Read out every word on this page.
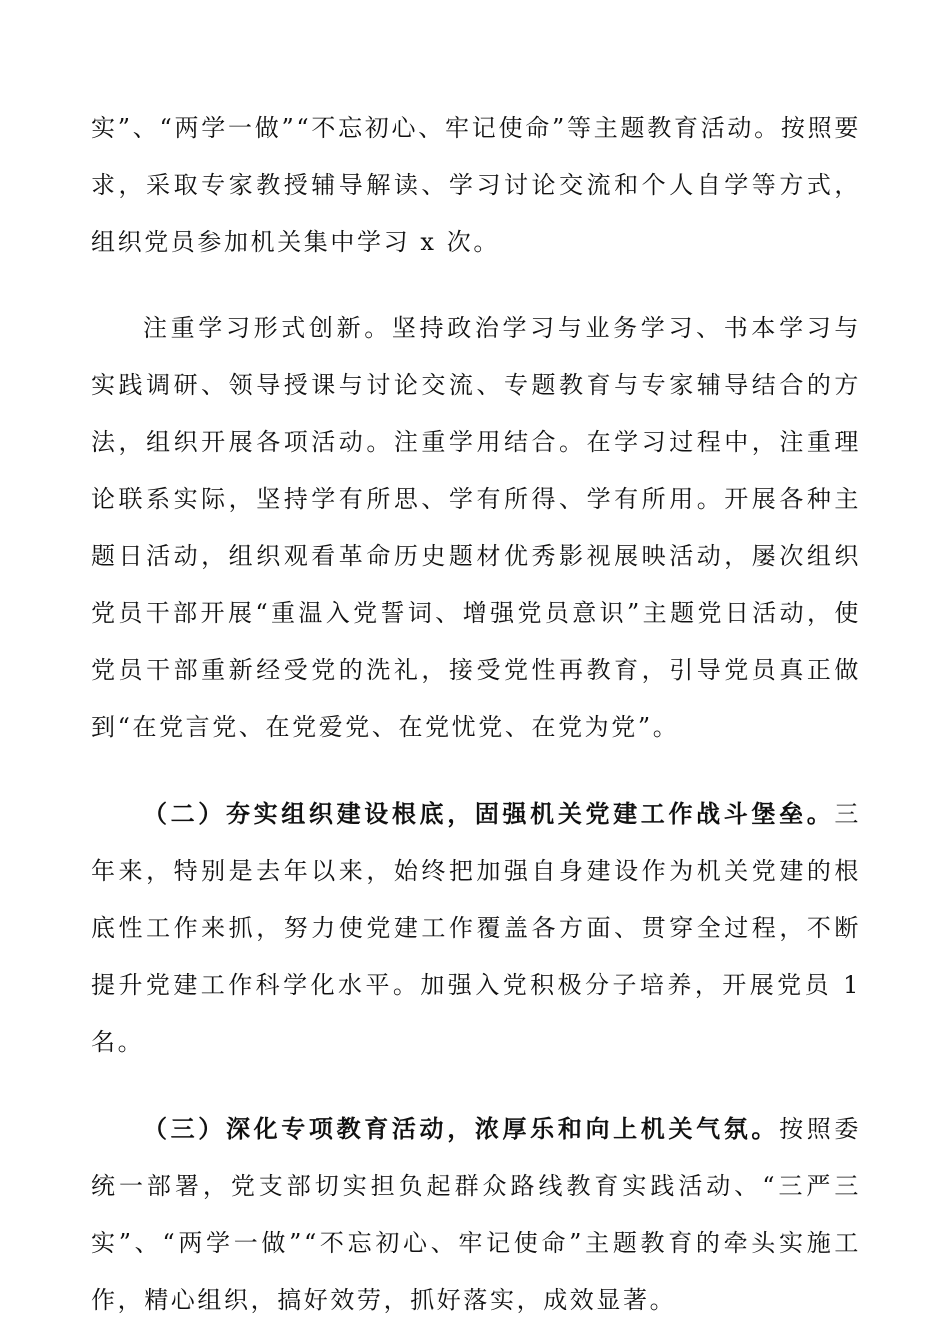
实”、“两学一做”“不忘初心、牢记使命”等主题教育活动。按照要求，采取专家教授辅导解读、学习讨论交流和个人自学等方式，组织党员参加机关集中学习 x 次。

注重学习形式创新。坚持政治学习与业务学习、书本学习与实践调研、领导授课与讨论交流、专题教育与专家辅导结合的方法，组织开展各项活动。注重学用结合。在学习过程中，注重理论联系实际，坚持学有所思、学有所得、学有所用。开展各种主题日活动，组织观看革命历史题材优秀影视展映活动，屡次组织党员干部开展“重温入党誓词、增强党员意识”主题党日活动，使党员干部重新经受党的洗礼，接受党性再教育，引导党员真正做到“在党言党、在党爱党、在党忧党、在党为党”。

（二）夯实组织建设根底，固强机关党建工作战斗堡垒。三年来，特别是去年以来，始终把加强自身建设作为机关党建的根底性工作来抓，努力使党建工作覆盖各方面、贯穿全过程，不断提升党建工作科学化水平。加强入党积极分子培养，开展党员 1 名。

（三）深化专项教育活动，浓厚乐和向上机关气氛。按照委统一部署，党支部切实担负起群众路线教育实践活动、“三严三实”、“两学一做”“不忘初心、牢记使命”主题教育的牵头实施工作，精心组织，搞好效劳，抓好落实，成效显著。
